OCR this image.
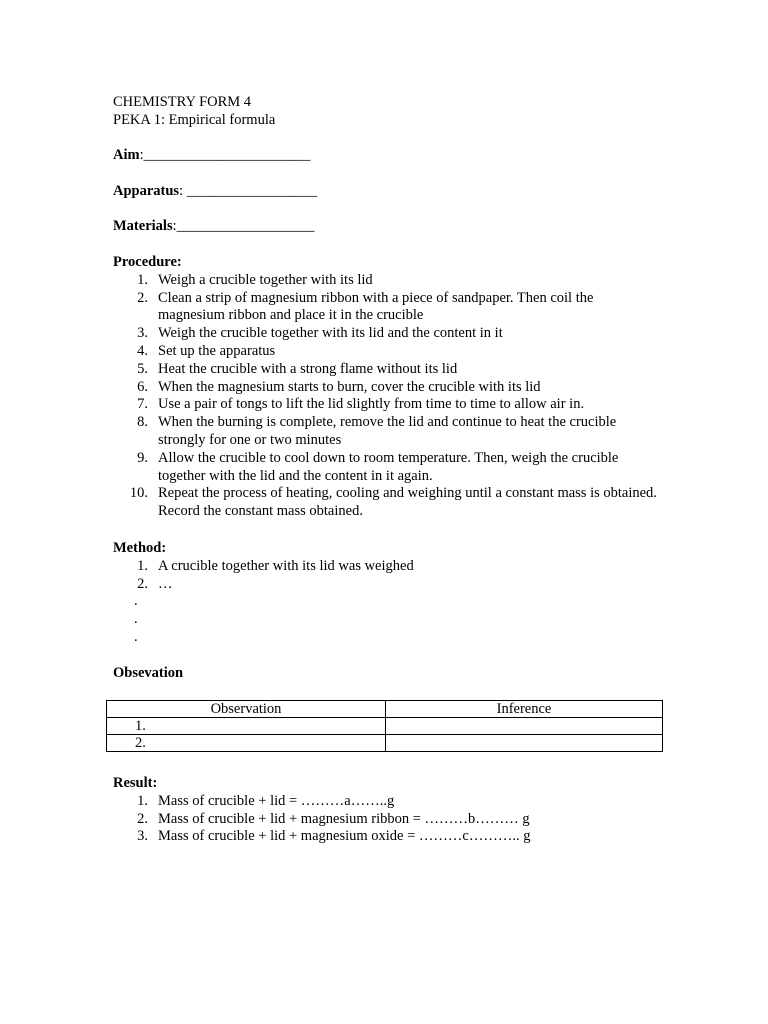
CHEMISTRY FORM 4
PEKA 1: Empirical formula
Aim:_______________________
Apparatus: __________________
Materials:___________________
Procedure:
1. Weigh a crucible together with its lid
2. Clean a strip of magnesium ribbon with a piece of sandpaper. Then coil the magnesium ribbon and place it in the crucible
3. Weigh the crucible together with its lid and the content in it
4. Set up the apparatus
5. Heat the crucible with a strong flame without its lid
6. When the magnesium starts to burn, cover the crucible with its lid
7. Use a pair of tongs to lift the lid slightly from time to time to allow air in.
8. When the burning is complete, remove the lid and continue to heat the crucible strongly for one or two minutes
9. Allow the crucible to cool down to room temperature. Then, weigh the crucible together with the lid and the content in it again.
10. Repeat the process of heating, cooling and weighing until a constant mass is obtained. Record the constant mass obtained.
Method:
1. A crucible together with its lid was weighed
2. …
.
.
.
Obsevation
Observation	Inference
1.	
2.	
Result:
1. Mass of crucible + lid = ………a……..g
2. Mass of crucible + lid + magnesium ribbon = ………b……… g
3. Mass of crucible + lid + magnesium oxide = ………c……….. g
